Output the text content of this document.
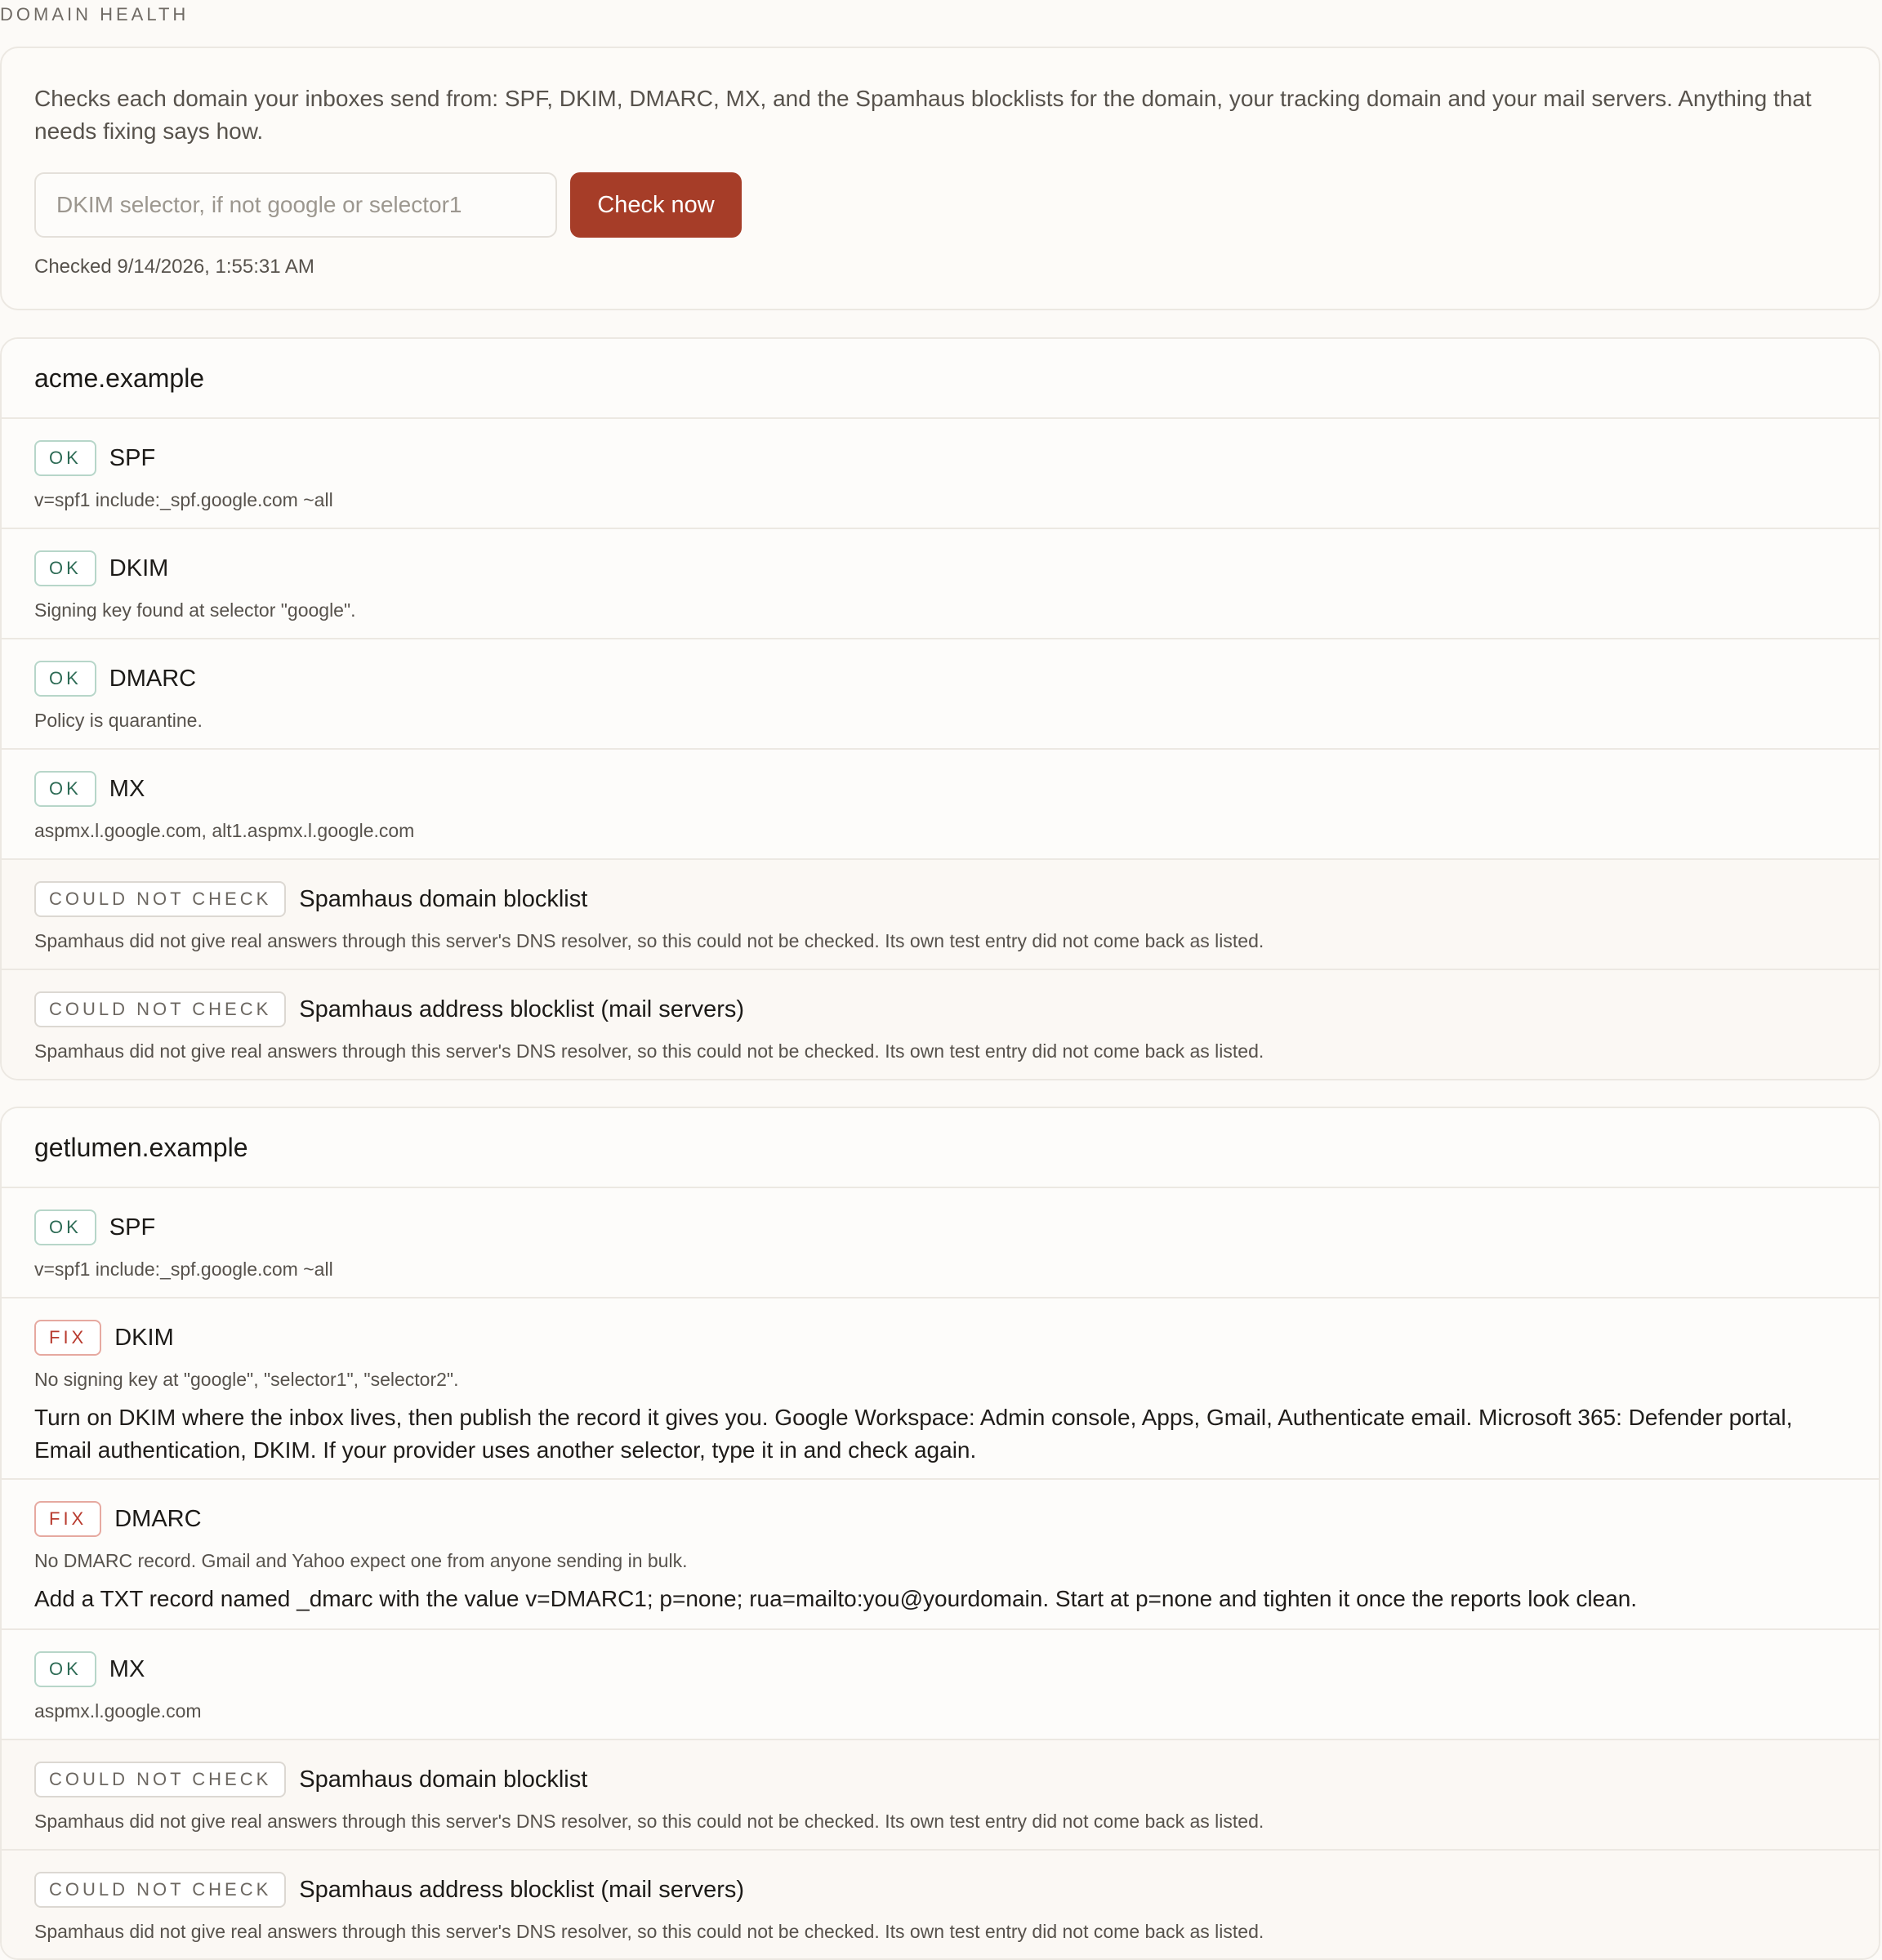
DOMAIN HEALTH

Checks each domain your inboxes send from: SPF, DKIM, DMARC, MX, and the Spamhaus blocklists for the domain, your tracking domain and your mail servers. Anything that needs fixing says how.

DKIM selector, if not google or selector1
Check now
Checked 9/14/2026, 1:55:31 AM
acme.example
OK	SPF
v=spf1 include:_spf.google.com ~all
OK	DKIM
Signing key found at selector "google".
OK	DMARC
Policy is quarantine.
OK	MX
aspmx.l.google.com, alt1.aspmx.l.google.com
COULD NOT CHECK	Spamhaus domain blocklist
Spamhaus did not give real answers through this server's DNS resolver, so this could not be checked. Its own test entry did not come back as listed.
COULD NOT CHECK	Spamhaus address blocklist (mail servers)
Spamhaus did not give real answers through this server's DNS resolver, so this could not be checked. Its own test entry did not come back as listed.
getlumen.example
OK	SPF
v=spf1 include:_spf.google.com ~all
FIX	DKIM
No signing key at "google", "selector1", "selector2".
Turn on DKIM where the inbox lives, then publish the record it gives you. Google Workspace: Admin console, Apps, Gmail, Authenticate email. Microsoft 365: Defender portal, Email authentication, DKIM. If your provider uses another selector, type it in and check again.
FIX	DMARC
No DMARC record. Gmail and Yahoo expect one from anyone sending in bulk.
Add a TXT record named _dmarc with the value v=DMARC1; p=none; rua=mailto:you@yourdomain. Start at p=none and tighten it once the reports look clean.
OK	MX
aspmx.l.google.com
COULD NOT CHECK	Spamhaus domain blocklist
Spamhaus did not give real answers through this server's DNS resolver, so this could not be checked. Its own test entry did not come back as listed.
COULD NOT CHECK	Spamhaus address blocklist (mail servers)
Spamhaus did not give real answers through this server's DNS resolver, so this could not be checked. Its own test entry did not come back as listed.
